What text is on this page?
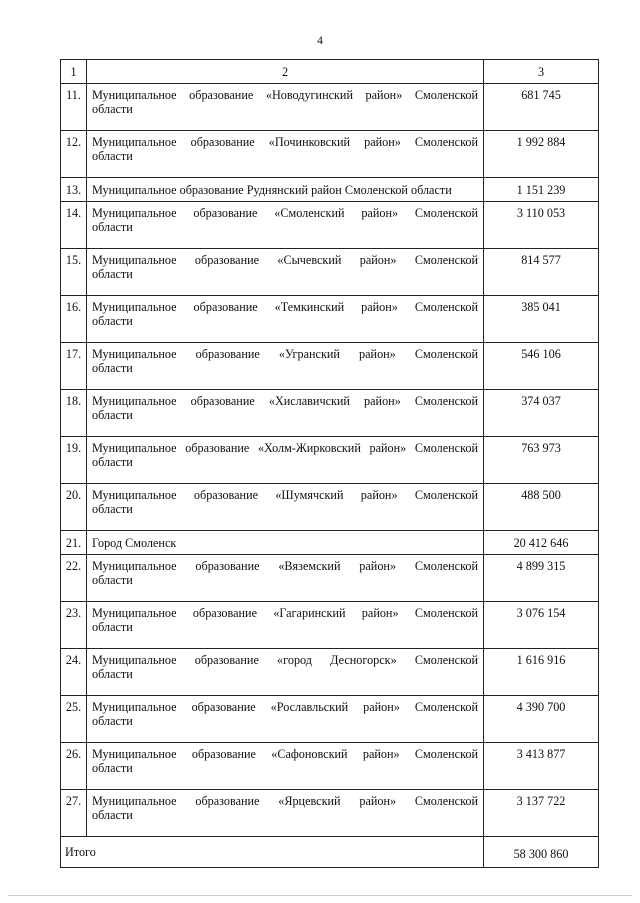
4
1	2	3
11.	Муниципальное образование «Новодугинский район» Смоленской
области	681 745
12.	Муниципальное образование «Починковский район» Смоленской
области	1 992 884
13.	Муниципальное образование Руднянский район Смоленской области	1 151 239
14.	Муниципальное образование «Смоленский район» Смоленской
области	3 110 053
15.	Муниципальное образование «Сычевский район» Смоленской
области	814 577
16.	Муниципальное образование «Темкинский район» Смоленской
области	385 041
17.	Муниципальное образование «Угранский район» Смоленской
области	546 106
18.	Муниципальное образование «Хиславичский район» Смоленской
области	374 037
19.	Муниципальное образование «Холм-Жирковский район» Смоленской
области	763 973
20.	Муниципальное образование «Шумячский район» Смоленской
области	488 500
21.	Город Смоленск	20 412 646
22.	Муниципальное образование «Вяземский район» Смоленской
области	4 899 315
23.	Муниципальное образование «Гагаринский район» Смоленской
области	3 076 154
24.	Муниципальное образование «город Десногорск» Смоленской
области	1 616 916
25.	Муниципальное образование «Рославльский район» Смоленской
области	4 390 700
26.	Муниципальное образование «Сафоновский район» Смоленской
области	3 413 877
27.	Муниципальное образование «Ярцевский район» Смоленской
области	3 137 722
Итого		58 300 860
